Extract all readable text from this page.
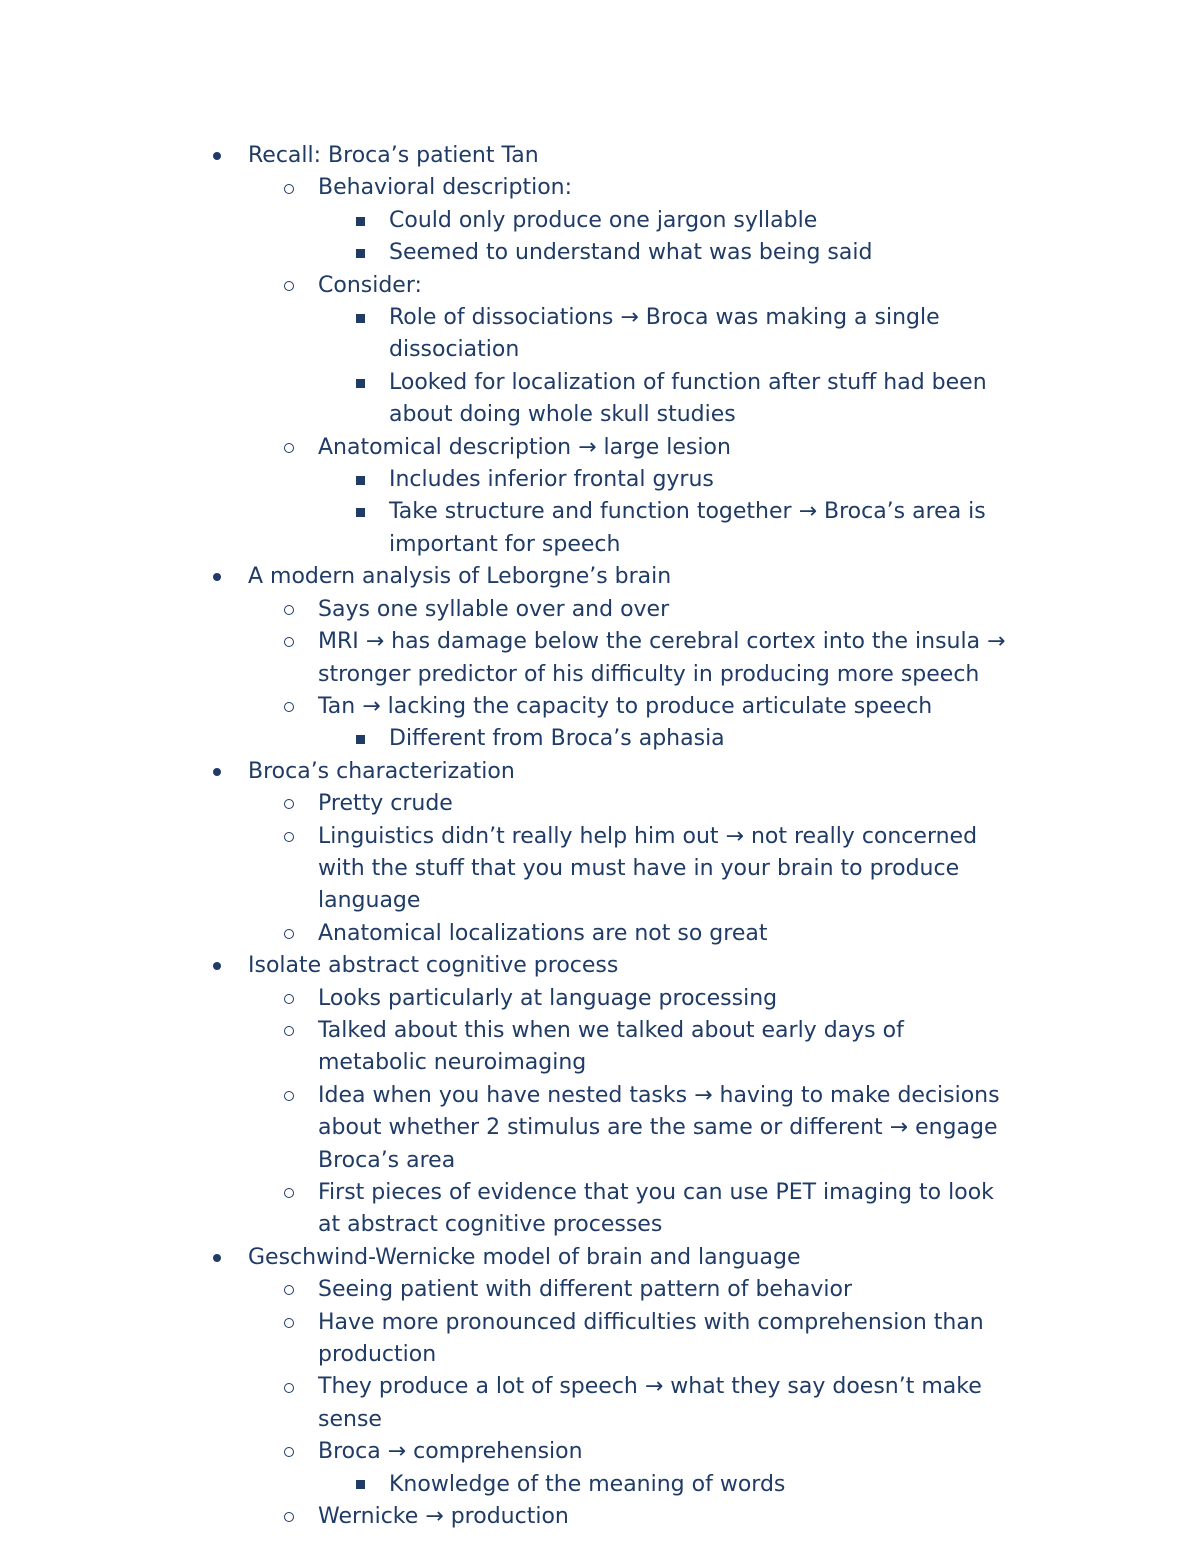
Recall: Broca’s patient Tan
Behavioral description:
Could only produce one jargon syllable
Seemed to understand what was being said
Consider:
Role of dissociations → Broca was making a single dissociation
Looked for localization of function after stuff had been about doing whole skull studies
Anatomical description → large lesion
Includes inferior frontal gyrus
Take structure and function together → Broca’s area is important for speech
A modern analysis of Leborgne’s brain
Says one syllable over and over
MRI → has damage below the cerebral cortex into the insula → stronger predictor of his difficulty in producing more speech
Tan → lacking the capacity to produce articulate speech
Different from Broca’s aphasia
Broca’s characterization
Pretty crude
Linguistics didn’t really help him out → not really concerned with the stuff that you must have in your brain to produce language
Anatomical localizations are not so great
Isolate abstract cognitive process
Looks particularly at language processing
Talked about this when we talked about early days of metabolic neuroimaging
Idea when you have nested tasks → having to make decisions about whether 2 stimulus are the same or different → engage Broca’s area
First pieces of evidence that you can use PET imaging to look at abstract cognitive processes
Geschwind-Wernicke model of brain and language
Seeing patient with different pattern of behavior
Have more pronounced difficulties with comprehension than production
They produce a lot of speech → what they say doesn’t make sense
Broca → comprehension
Knowledge of the meaning of words
Wernicke → production
